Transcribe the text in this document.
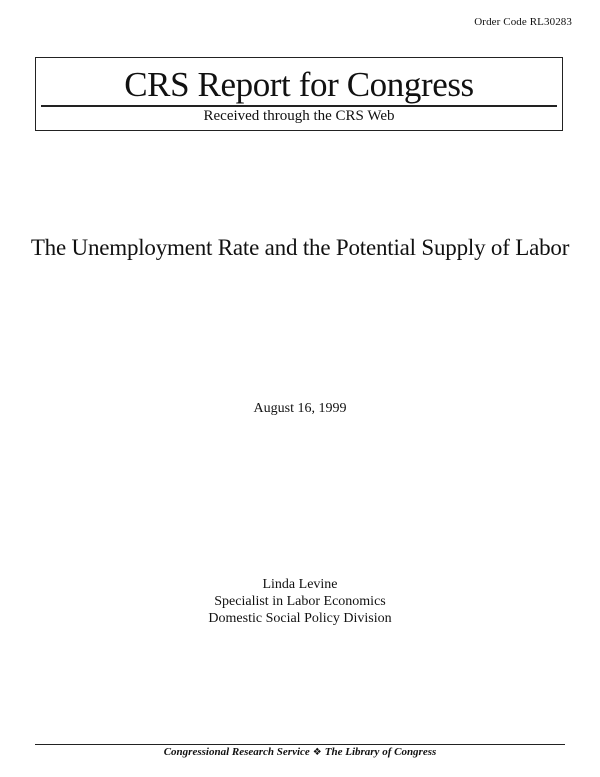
Order Code RL30283
CRS Report for Congress
Received through the CRS Web
The Unemployment Rate and the Potential Supply of Labor
August 16, 1999
Linda Levine
Specialist in Labor Economics
Domestic Social Policy Division
Congressional Research Service ❖ The Library of Congress
